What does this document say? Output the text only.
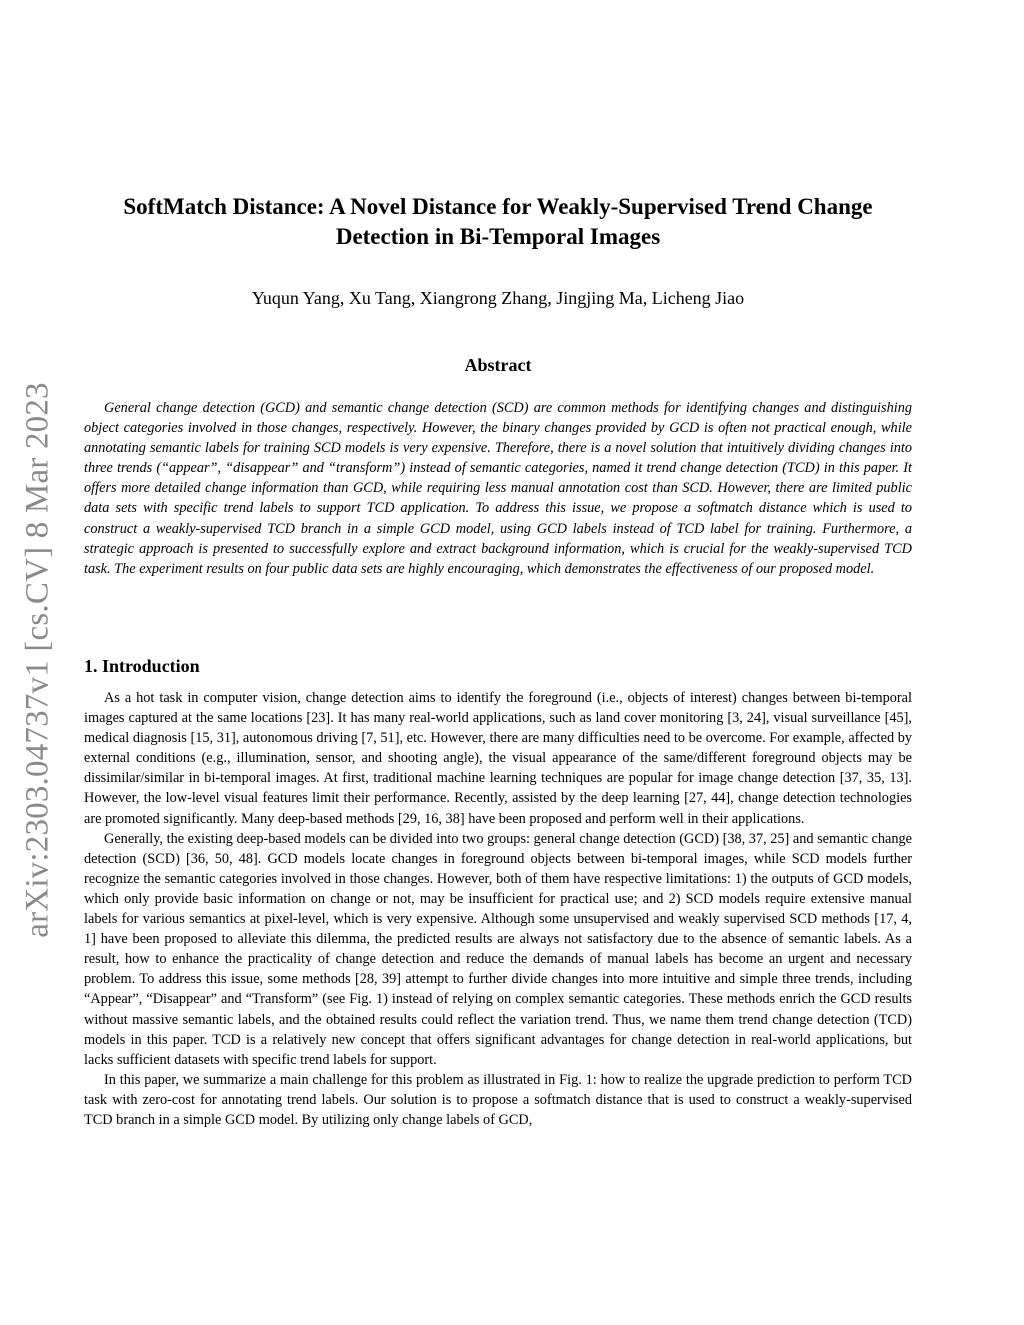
arXiv:2303.04737v1 [cs.CV] 8 Mar 2023
SoftMatch Distance: A Novel Distance for Weakly-Supervised Trend Change Detection in Bi-Temporal Images
Yuqun Yang, Xu Tang, Xiangrong Zhang, Jingjing Ma, Licheng Jiao
Abstract

General change detection (GCD) and semantic change detection (SCD) are common methods for identifying changes and distinguishing object categories involved in those changes, respectively. However, the binary changes provided by GCD is often not practical enough, while annotating semantic labels for training SCD models is very expensive. Therefore, there is a novel solution that intuitively dividing changes into three trends (“appear”, “disappear” and “transform”) instead of semantic categories, named it trend change detection (TCD) in this paper. It offers more detailed change information than GCD, while requiring less manual annotation cost than SCD. However, there are limited public data sets with specific trend labels to support TCD application. To address this issue, we propose a softmatch distance which is used to construct a weakly-supervised TCD branch in a simple GCD model, using GCD labels instead of TCD label for training. Furthermore, a strategic approach is presented to successfully explore and extract background information, which is crucial for the weakly-supervised TCD task. The experiment results on four public data sets are highly encouraging, which demonstrates the effectiveness of our proposed model.

1. Introduction

As a hot task in computer vision, change detection aims to identify the foreground (i.e., objects of interest) changes between bi-temporal images captured at the same locations [23]. It has many real-world applications, such as land cover monitoring [3, 24], visual surveillance [45], medical diagnosis [15, 31], autonomous driving [7, 51], etc. However, there are many difficulties need to be overcome. For example, affected by external conditions (e.g., illumination, sensor, and shooting angle), the visual appearance of the same/different foreground objects may be dissimilar/similar in bi-temporal images. At first, traditional machine learning techniques are popular for image change detection [37, 35, 13]. However, the low-level visual features limit their performance. Recently, assisted by the deep learning [27, 44], change detection technologies are promoted significantly. Many deep-based methods [29, 16, 38] have been proposed and perform well in their applications.

Generally, the existing deep-based models can be divided into two groups: general change detection (GCD) [38, 37, 25] and semantic change detection (SCD) [36, 50, 48]. GCD models locate changes in foreground objects between bi-temporal images, while SCD models further recognize the semantic categories involved in those changes. However, both of them have respective limitations: 1) the outputs of GCD models, which only provide basic information on change or not, may be insufficient for practical use; and 2) SCD models require extensive manual labels for various semantics at pixel-level, which is very expensive. Although some unsupervised and weakly supervised SCD methods [17, 4, 1] have been proposed to alleviate this dilemma, the predicted results are always not satisfactory due to the absence of semantic labels. As a result, how to enhance the practicality of change detection and reduce the demands of manual labels has become an urgent and necessary problem. To address this issue, some methods [28, 39] attempt to further divide changes into more intuitive and simple three trends, including “Appear”, “Disappear” and “Transform” (see Fig. 1) instead of relying on complex semantic categories. These methods enrich the GCD results without massive semantic labels, and the obtained results could reflect the variation trend. Thus, we name them trend change detection (TCD) models in this paper. TCD is a relatively new concept that offers significant advantages for change detection in real-world applications, but lacks sufficient datasets with specific trend labels for support.

In this paper, we summarize a main challenge for this problem as illustrated in Fig. 1: how to realize the upgrade prediction to perform TCD task with zero-cost for annotating trend labels. Our solution is to propose a softmatch distance that is used to construct a weakly-supervised TCD branch in a simple GCD model. By utilizing only change labels of GCD,
